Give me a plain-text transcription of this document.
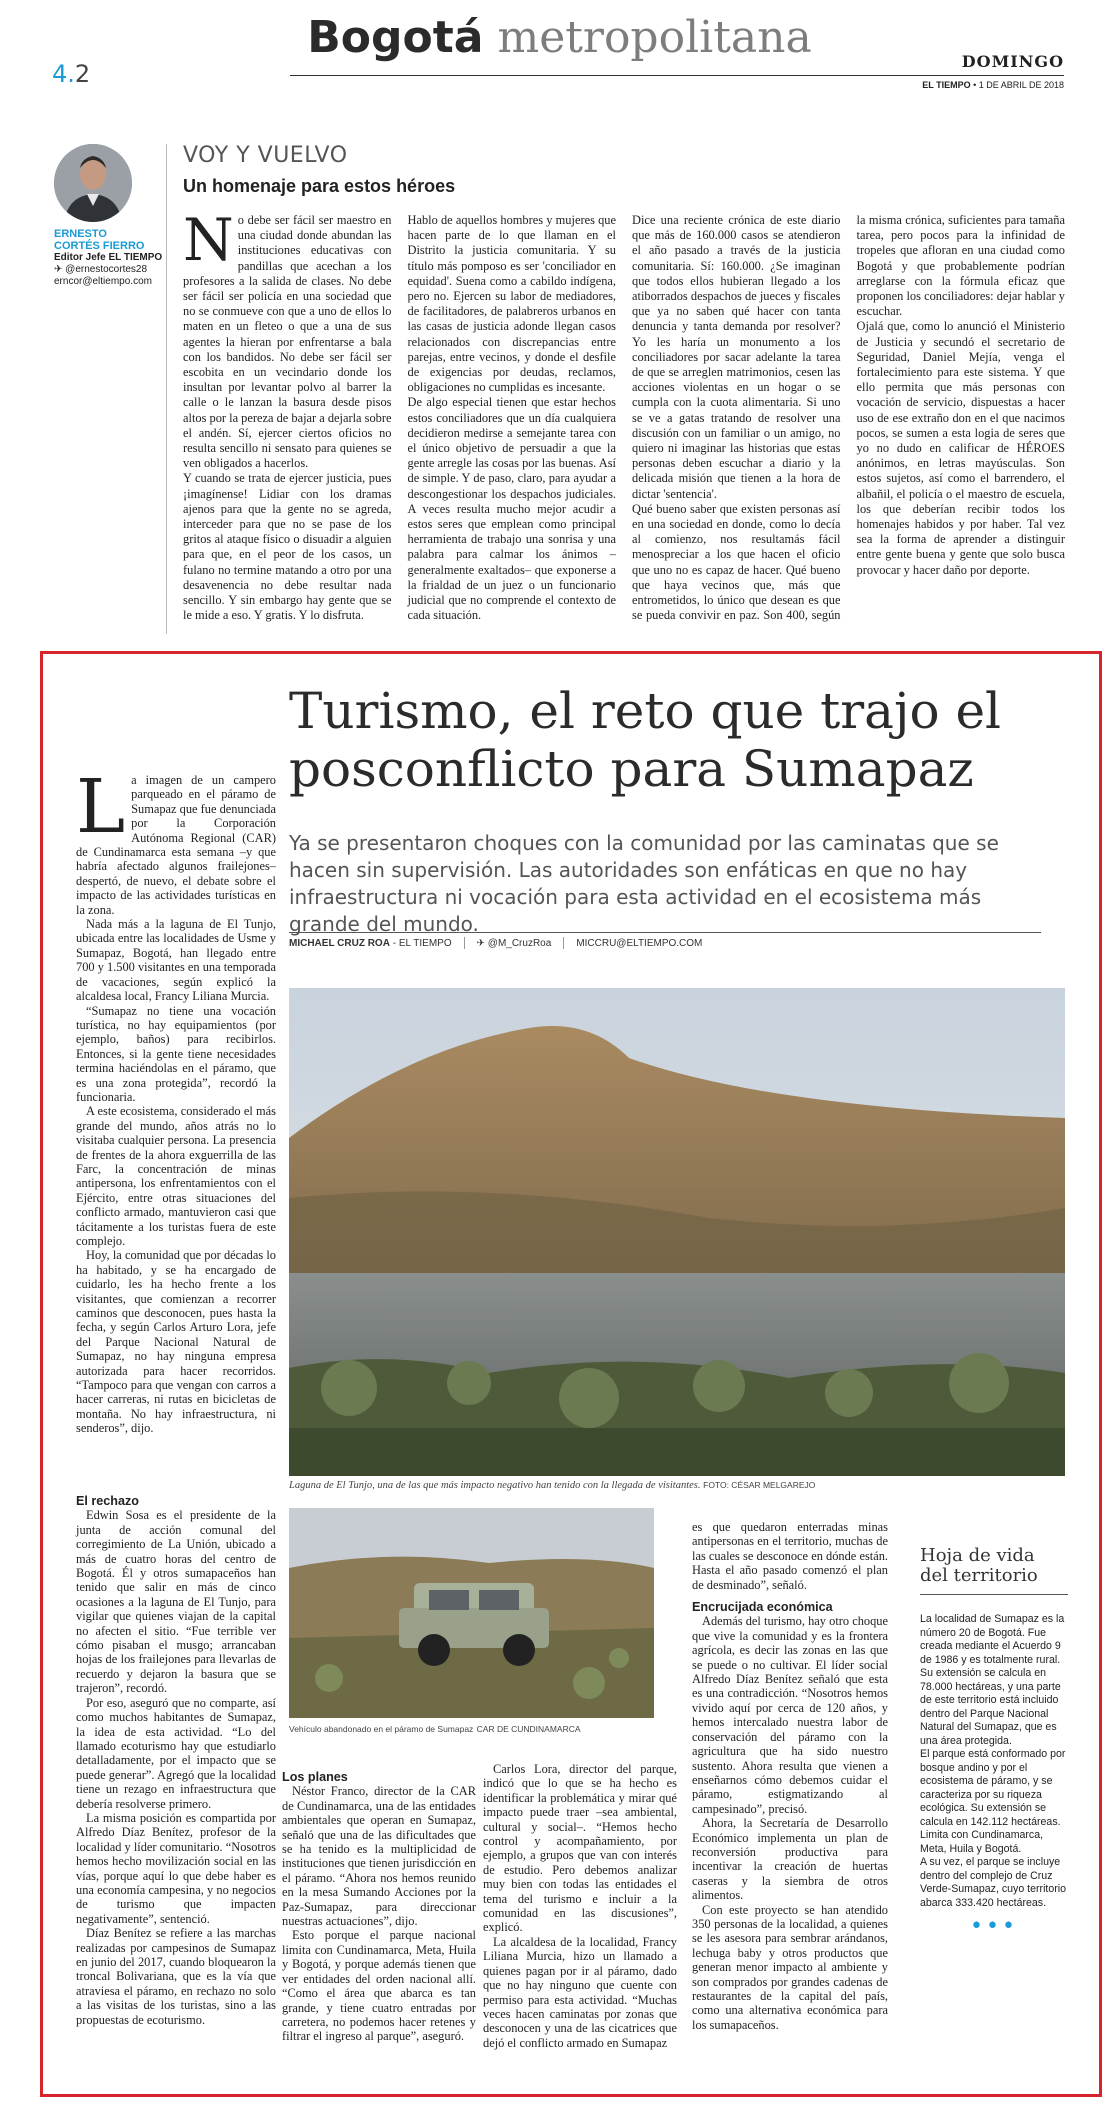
Bogotá metropolitana
4.2	DOMINGO
EL TIEMPO • 1 DE ABRIL DE 2018
ERNESTO
CORTÉS FIERRO
Editor Jefe EL TIEMPO
✈ @ernestocortes28
erncor@eltiempo.com
VOY Y VUELVO
Un homenaje para estos héroes

No debe ser fácil ser maestro en una ciudad donde abundan las instituciones educativas con pandillas que acechan a los profesores a la salida de clases. No debe ser fácil ser policía en una sociedad que no se conmueve con que a uno de ellos lo maten en un fleteo o que a una de sus agentes la hieran por enfrentarse a bala con los bandidos. No debe ser fácil ser escobita en un vecindario donde los insultan por levantar polvo al barrer la calle o le lanzan la basura desde pisos altos por la pereza de bajar a dejarla sobre el andén. Sí, ejercer ciertos oficios no resulta sencillo ni sensato para quienes se ven obligados a hacerlos.

Y cuando se trata de ejercer justicia, pues ¡imagínense! Lidiar con los dramas ajenos para que la gente no se agreda, interceder para que no se pase de los gritos al ataque físico o disuadir a alguien para que, en el peor de los casos, un fulano no termine matando a otro por una desavenencia no debe resultar nada sencillo. Y sin embargo hay gente que se le mide a eso. Y gratis. Y lo disfruta.

Hablo de aquellos hombres y mujeres que hacen parte de lo que llaman en el Distrito la justicia comunitaria. Y su título más pomposo es ser 'conciliador en equidad'. Suena como a cabildo indígena, pero no. Ejercen su labor de mediadores, de facilitadores, de palabreros urbanos en las casas de justicia adonde llegan casos relacionados con discrepancias entre parejas, entre vecinos, y donde el desfile de exigencias por deudas, reclamos, obligaciones no cumplidas es incesante.

De algo especial tienen que estar hechos estos conciliadores que un día cualquiera decidieron medirse a semejante tarea con el único objetivo de persuadir a que la gente arregle las cosas por las buenas. Así de simple. Y de paso, claro, para ayudar a descongestionar los despachos judiciales. A veces resulta mucho mejor acudir a estos seres que emplean como principal herramienta de trabajo una sonrisa y una palabra para calmar los ánimos –generalmente exaltados– que exponerse a la frialdad de un juez o un funcionario judicial que no comprende el contexto de cada situación.

Dice una reciente crónica de este diario que más de 160.000 casos se atendieron el año pasado a través de la justicia comunitaria. Sí: 160.000. ¿Se imaginan que todos ellos hubieran llegado a los atiborrados despachos de jueces y fiscales que ya no saben qué hacer con tanta denuncia y tanta demanda por resolver? Yo les haría un monumento a los conciliadores por sacar adelante la tarea de que se arreglen matrimonios, cesen las acciones violentas en un hogar o se cumpla con la cuota alimentaria. Si uno se ve a gatas tratando de resolver una discusión con un familiar o un amigo, no quiero ni imaginar las historias que estas personas deben escuchar a diario y la delicada misión que tienen a la hora de dictar 'sentencia'.

Qué bueno saber que existen personas así en una sociedad en donde, como lo decía al comienzo, nos resultamás fácil menospreciar a los que hacen el oficio que uno no es capaz de hacer. Qué bueno que haya vecinos que, más que entrometidos, lo único que desean es que se pueda convivir en paz. Son 400, según la misma crónica, suficientes para tamaña tarea, pero pocos para la infinidad de tropeles que afloran en una ciudad como Bogotá y que probablemente podrían arreglarse con la fórmula eficaz que proponen los conciliadores: dejar hablar y escuchar.

Ojalá que, como lo anunció el Ministerio de Justicia y secundó el secretario de Seguridad, Daniel Mejía, venga el fortalecimiento para este sistema. Y que ello permita que más personas con vocación de servicio, dispuestas a hacer uso de ese extraño don en el que nacimos pocos, se sumen a esta logia de seres que yo no dudo en calificar de HÉROES anónimos, en letras mayúsculas. Son estos sujetos, así como el barrendero, el albañil, el policía o el maestro de escuela, los que deberían recibir todos los homenajes habidos y por haber. Tal vez sea la forma de aprender a distinguir entre gente buena y gente que solo busca provocar y hacer daño por deporte.

Turismo, el reto que trajo el posconflicto para Sumapaz
Ya se presentaron choques con la comunidad por las caminatas que se hacen sin supervisión. Las autoridades son enfáticas en que no hay infraestructura ni vocación para esta actividad en el ecosistema más grande del mundo.
MICHAEL CRUZ ROA - EL TIEMPO	✈ @M_CruzRoa	MICCRU@ELTIEMPO.COM

La imagen de un campero parqueado en el páramo de Sumapaz que fue denunciada por la Corporación Autónoma Regional (CAR) de Cundinamarca esta semana –y que habría afectado algunos frailejones– despertó, de nuevo, el debate sobre el impacto de las actividades turísticas en la zona.

Nada más a la laguna de El Tunjo, ubicada entre las localidades de Usme y Sumapaz, Bogotá, han llegado entre 700 y 1.500 visitantes en una temporada de vacaciones, según explicó la alcaldesa local, Francy Liliana Murcia.

“Sumapaz no tiene una vocación turística, no hay equipamientos (por ejemplo, baños) para recibirlos. Entonces, si la gente tiene necesidades termina haciéndolas en el páramo, que es una zona protegida”, recordó la funcionaria.

A este ecosistema, considerado el más grande del mundo, años atrás no lo visitaba cualquier persona. La presencia de frentes de la ahora exguerrilla de las Farc, la concentración de minas antipersona, los enfrentamientos con el Ejército, entre otras situaciones del conflicto armado, mantuvieron casi que tácitamente a los turistas fuera de este complejo.

Hoy, la comunidad que por décadas lo ha habitado, y se ha encargado de cuidarlo, les ha hecho frente a los visitantes, que comienzan a recorrer caminos que desconocen, pues hasta la fecha, y según Carlos Arturo Lora, jefe del Parque Nacional Natural de Sumapaz, no hay ninguna empresa autorizada para hacer recorridos. “Tampoco para que vengan con carros a hacer carreras, ni rutas en bicicletas de montaña. No hay infraestructura, ni senderos”, dijo.

Laguna de El Tunjo, una de las que más impacto negativo han tenido con la llegada de visitantes. FOTO: CÉSAR MELGAREJO
Vehículo abandonado en el páramo de Sumapaz CAR DE CUNDINAMARCA

El rechazo

Edwin Sosa es el presidente de la junta de acción comunal del corregimiento de La Unión, ubicado a más de cuatro horas del centro de Bogotá. Él y otros sumapaceños han tenido que salir en más de cinco ocasiones a la laguna de El Tunjo, para vigilar que quienes viajan de la capital no afecten el sitio. “Fue terrible ver cómo pisaban el musgo; arrancaban hojas de los frailejones para llevarlas de recuerdo y dejaron la basura que se trajeron”, recordó.

Por eso, aseguró que no comparte, así como muchos habitantes de Sumapaz, la idea de esta actividad. “Lo del llamado ecoturismo hay que estudiarlo detalladamente, por el impacto que se puede generar”. Agregó que la localidad tiene un rezago en infraestructura que debería resolverse primero.

La misma posición es compartida por Alfredo Díaz Benítez, profesor de la localidad y líder comunitario. “Nosotros hemos hecho movilización social en las vías, porque aquí lo que debe haber es una economía campesina, y no negocios de turismo que impacten negativamente”, sentenció.

Díaz Benítez se refiere a las marchas realizadas por campesinos de Sumapaz en junio del 2017, cuando bloquearon la troncal Bolivariana, que es la vía que atraviesa el páramo, en rechazo no solo a las visitas de los turistas, sino a las propuestas de ecoturismo.

Los planes

Néstor Franco, director de la CAR de Cundinamarca, una de las entidades ambientales que operan en Sumapaz, señaló que una de las dificultades que se ha tenido es la multiplicidad de instituciones que tienen jurisdicción en el páramo. “Ahora nos hemos reunido en la mesa Sumando Acciones por la Paz-Sumapaz, para direccionar nuestras actuaciones”, dijo.

Esto porque el parque nacional limita con Cundinamarca, Meta, Huila y Bogotá, y porque además tienen que ver entidades del orden nacional allí. “Como el área que abarca es tan grande, y tiene cuatro entradas por carretera, no podemos hacer retenes y filtrar el ingreso al parque”, aseguró.

Carlos Lora, director del parque, indicó que lo que se ha hecho es identificar la problemática y mirar qué impacto puede traer –sea ambiental, cultural y social–. “Hemos hecho control y acompañamiento, por ejemplo, a grupos que van con interés de estudio. Pero debemos analizar muy bien con todas las entidades el tema del turismo e incluir a la comunidad en las discusiones”, explicó.

La alcaldesa de la localidad, Francy Liliana Murcia, hizo un llamado a quienes pagan por ir al páramo, dado que no hay ninguno que cuente con permiso para esta actividad. “Muchas veces hacen caminatas por zonas que desconocen y una de las cicatrices que dejó el conflicto armado en Sumapaz

es que quedaron enterradas minas antipersonas en el territorio, muchas de las cuales se desconoce en dónde están. Hasta el año pasado comenzó el plan de desminado”, señaló.

Encrucijada económica

Además del turismo, hay otro choque que vive la comunidad y es la frontera agrícola, es decir las zonas en las que se puede o no cultivar. El líder social Alfredo Díaz Benítez señaló que esta es una contradicción. “Nosotros hemos vivido aquí por cerca de 120 años, y hemos intercalado nuestra labor de conservación del páramo con la agricultura que ha sido nuestro sustento. Ahora resulta que vienen a enseñarnos cómo debemos cuidar el páramo, estigmatizando al campesinado”, precisó.

Ahora, la Secretaría de Desarrollo Económico implementa un plan de reconversión productiva para incentivar la creación de huertas caseras y la siembra de otros alimentos.

Con este proyecto se han atendido 350 personas de la localidad, a quienes se les asesora para sembrar arándanos, lechuga baby y otros productos que generan menor impacto al ambiente y son comprados por grandes cadenas de restaurantes de la capital del país, como una alternativa económica para los sumapaceños.

Hoja de vida del territorio

La localidad de Sumapaz es la número 20 de Bogotá. Fue creada mediante el Acuerdo 9 de 1986 y es totalmente rural. Su extensión se calcula en 78.000 hectáreas, y una parte de este territorio está incluido dentro del Parque Nacional Natural del Sumapaz, que es una área protegida.

El parque está conformado por bosque andino y por el ecosistema de páramo, y se caracteriza por su riqueza ecológica. Su extensión se calcula en 142.112 hectáreas. Limita con Cundinamarca, Meta, Huila y Bogotá.

A su vez, el parque se incluye dentro del complejo de Cruz Verde-Sumapaz, cuyo territorio abarca 333.420 hectáreas.

•••
